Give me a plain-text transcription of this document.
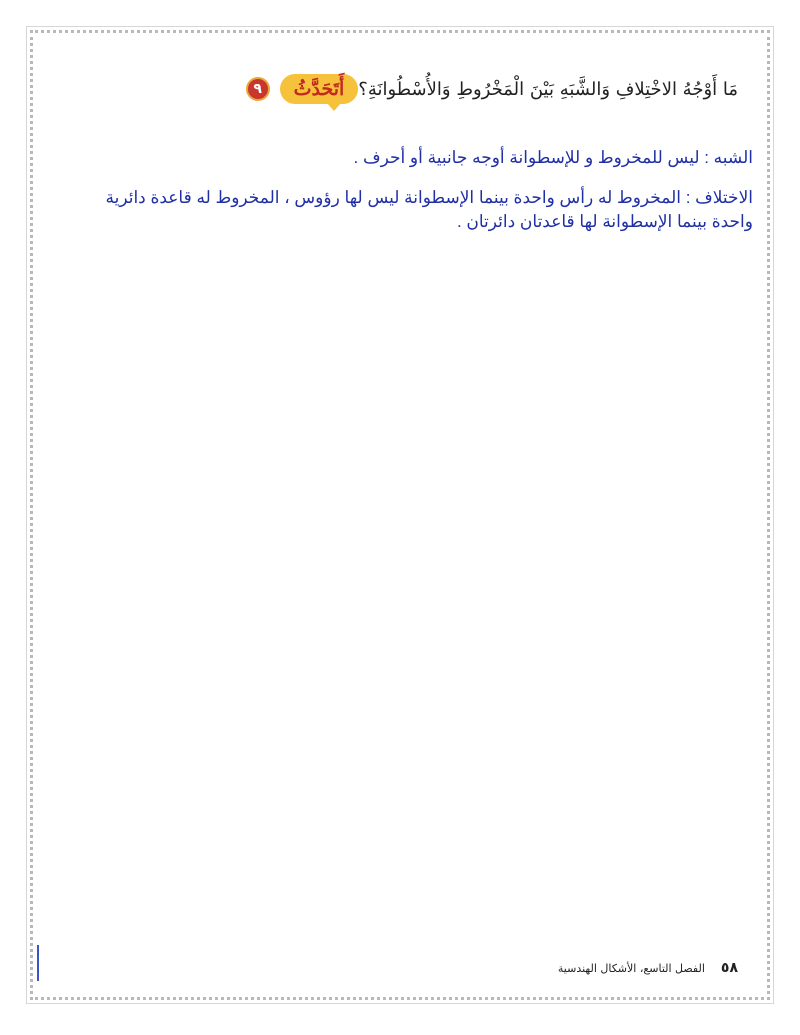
٩	أَتَحَدَّثُ مَا أَوْجُهُ الاخْتِلافِ وَالشَّبَهِ بَيْنَ الْمَخْرُوطِ وَالأُسْطُوانَةِ؟
الشبه : ليس للمخروط و للإسطوانة أوجه جانبية أو أحرف .
الاختلاف : المخروط له رأس واحدة بينما الإسطوانة ليس لها رؤوس ، المخروط له قاعدة دائرية واحدة بينما الإسطوانة لها قاعدتان دائرتان .
٥٨
الفصل التاسع، الأشكال الهندسية
